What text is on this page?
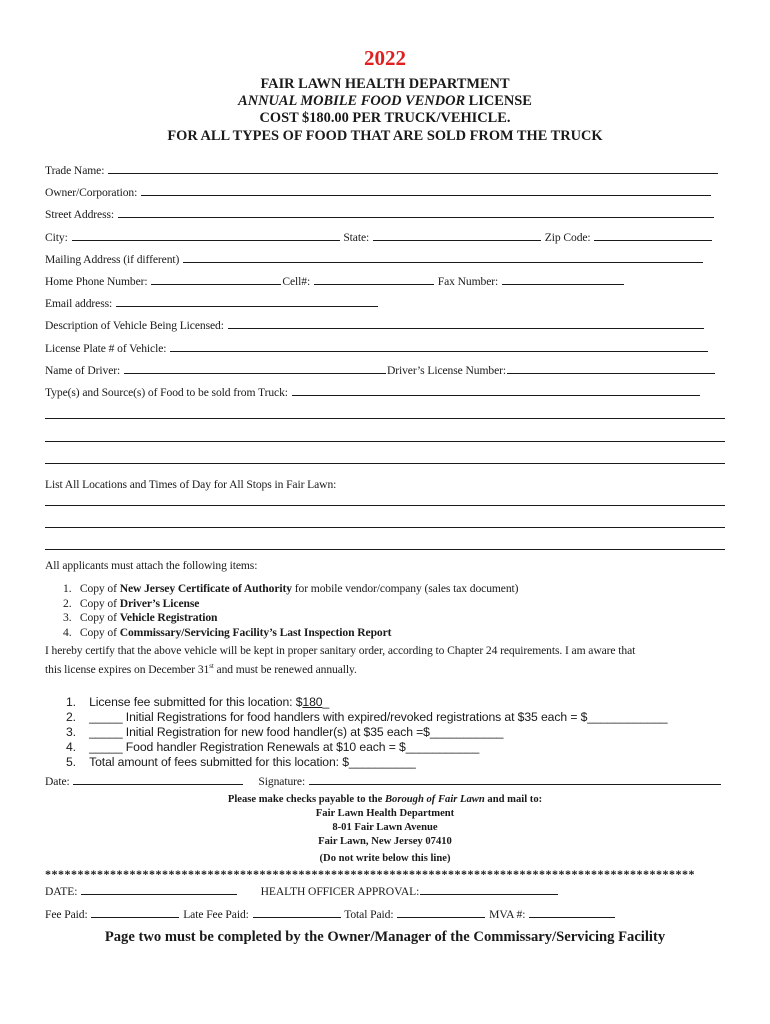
2022
FAIR LAWN HEALTH DEPARTMENT
ANNUAL MOBILE FOOD VENDOR LICENSE
COST $180.00 PER TRUCK/VEHICLE.
FOR ALL TYPES OF FOOD THAT ARE SOLD FROM THE TRUCK
Trade Name:
Owner/Corporation:
Street Address:
City:	State:	Zip Code:
Mailing Address (if different)
Home Phone Number:	Cell#:	Fax Number:
Email address:
Description of Vehicle Being Licensed:
License Plate # of Vehicle:
Name of Driver:	Driver’s License Number:
Type(s) and Source(s) of Food to be sold from Truck:
List All Locations and Times of Day for All Stops in Fair Lawn:
All applicants must attach the following items:
1. Copy of New Jersey Certificate of Authority for mobile vendor/company (sales tax document)
2. Copy of Driver’s License
3. Copy of Vehicle Registration
4. Copy of Commissary/Servicing Facility’s Last Inspection Report
I hereby certify that the above vehicle will be kept in proper sanitary order, according to Chapter 24 requirements. I am aware that
this license expires on December 31st and must be renewed annually.
1. License fee submitted for this location: $180_
2. _____ Initial Registrations for food handlers with expired/revoked registrations at $35 each = $____________
3. _____ Initial Registration for new food handler(s) at $35 each =$___________
4. _____ Food handler Registration Renewals at $10 each = $___________
5. Total amount of fees submitted for this location: $__________
Date:	Signature:
Please make checks payable to the Borough of Fair Lawn and mail to:
Fair Lawn Health Department
8-01 Fair Lawn Avenue
Fair Lawn, New Jersey 07410
(Do not write below this line)
****************************************************************************************************
DATE:	HEALTH OFFICER APPROVAL:
Fee Paid:	Late Fee Paid:	Total Paid:	MVA #:
Page two must be completed by the Owner/Manager of the Commissary/Servicing Facility
